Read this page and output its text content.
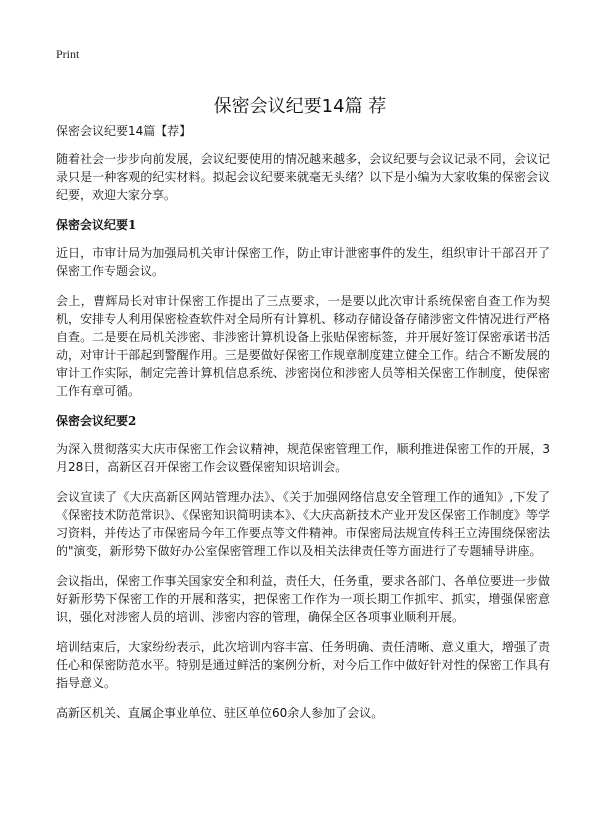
Print
保密会议纪要14篇 荐
保密会议纪要14篇【荐】

随着社会一步步向前发展，会议纪要使用的情况越来越多，会议纪要与会议记录不同，会议记录只是一种客观的纪实材料。拟起会议纪要来就毫无头绪？以下是小编为大家收集的保密会议纪要，欢迎大家分享。

保密会议纪要1

近日，市审计局为加强局机关审计保密工作，防止审计泄密事件的发生，组织审计干部召开了保密工作专题会议。

会上，曹辉局长对审计保密工作提出了三点要求，一是要以此次审计系统保密自查工作为契机，安排专人利用保密检查软件对全局所有计算机、移动存储设备存储涉密文件情况进行严格自查。二是要在局机关涉密、非涉密计算机设备上张贴保密标签，并开展好签订保密承诺书活动，对审计干部起到警醒作用。三是要做好保密工作规章制度建立健全工作。结合不断发展的审计工作实际，制定完善计算机信息系统、涉密岗位和涉密人员等相关保密工作制度，使保密工作有章可循。

保密会议纪要2

为深入贯彻落实大庆市保密工作会议精神，规范保密管理工作，顺利推进保密工作的开展，3月28日，高新区召开保密工作会议暨保密知识培训会。

会议宣读了《大庆高新区网站管理办法》、《关于加强网络信息安全管理工作的通知》,下发了《保密技术防范常识》、《保密知识简明读本》、《大庆高新技术产业开发区保密工作制度》等学习资料，并传达了市保密局今年工作要点等文件精神。市保密局法规宣传科王立涛围绕保密法的"演变，新形势下做好办公室保密管理工作以及相关法律责任等方面进行了专题辅导讲座。

会议指出，保密工作事关国家安全和利益，责任大，任务重，要求各部门、各单位要进一步做好新形势下保密工作的开展和落实，把保密工作作为一项长期工作抓牢、抓实，增强保密意识，强化对涉密人员的培训、涉密内容的管理，确保全区各项事业顺利开展。

培训结束后，大家纷纷表示，此次培训内容丰富、任务明确、责任清晰、意义重大，增强了责任心和保密防范水平。特别是通过鲜活的案例分析，对今后工作中做好针对性的保密工作具有指导意义。

高新区机关、直属企事业单位、驻区单位60余人参加了会议。
